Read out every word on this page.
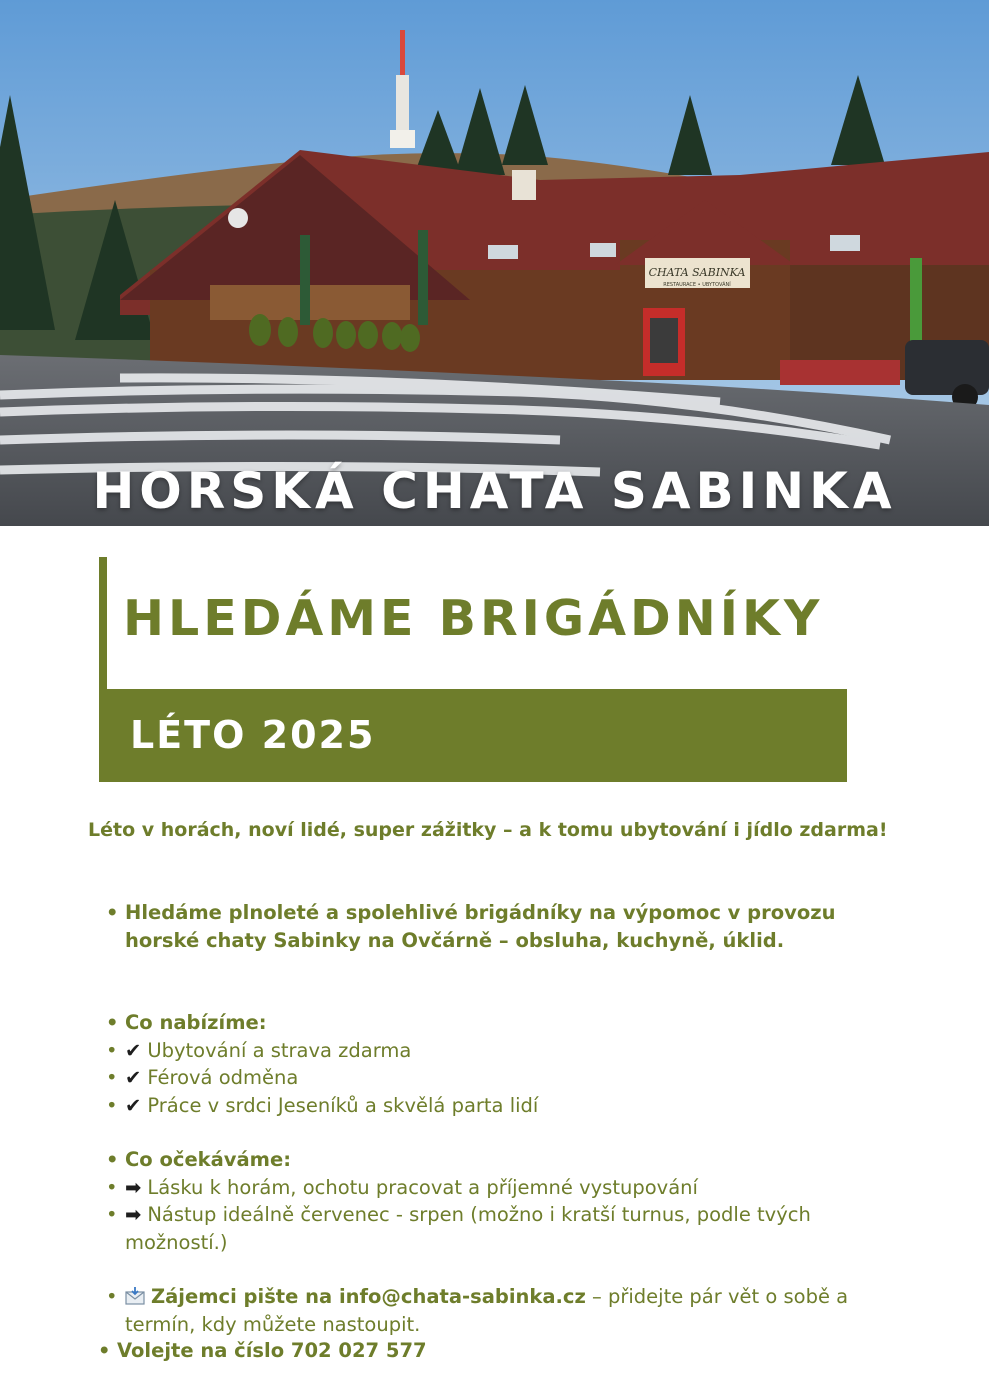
CHATA SABINKA
RESTAURACE • UBYTOVÁNÍ
HORSKÁ CHATA SABINKA
HLEDÁME BRIGÁDNÍKY
LÉTO 2025

Léto v horách, noví lidé, super zážitky – a k tomu ubytování i jídlo zdarma!

• Hledáme plnoleté a spolehlivé brigádníky na výpomoc v provozu horské chaty Sabinky na Ovčárně – obsluha, kuchyně, úklid.
• Co nabízíme:
• ✔ Ubytování a strava zdarma
• ✔ Férová odměna
• ✔ Práce v srdci Jeseníků a skvělá parta lidí
• Co očekáváme:
• ➡ Lásku k horám, ochotu pracovat a příjemné vystupování
• ➡ Nástup ideálně červenec - srpen (možno i kratší turnus, podle tvých možností.)
• Zájemci pište na info@chata-sabinka.cz – přidejte pár vět o sobě a termín, kdy můžete nastoupit.
• Volejte na číslo 702 027 577
